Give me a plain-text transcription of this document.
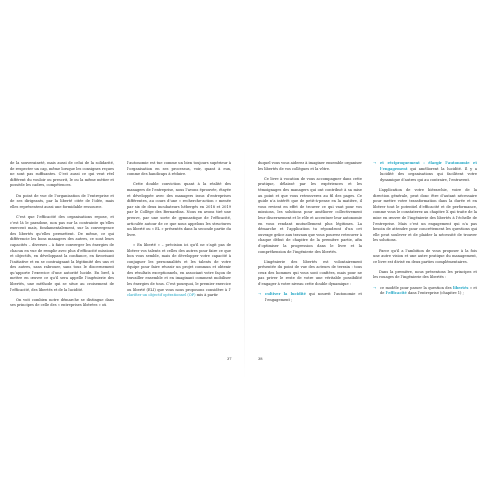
de la souveraineté, mais aussi de celui de la solidarité, de respecter un cap, même lorsque les consignes reçues ne sont pas suffisantes. C’est aussi ce qui veut réel différent du vouloir ou prescrit, le ou la même métier et possède les cadres, compétences.

Du point de vue de l’organisation de l’entreprise et de ses dirigeants, par la liberté citée de l’idée, mais elles représentent aussi une formidable ressource.

C’est que l’efficacité des organisations repose, et c’est là le paradoxe, non pas sur la contrainte qu’elles exercent mais, fondamentalement, sur la convergence des libertés qu’elles permettent. De même, ce qui différencie les bons managers des autres, ce sont leurs capacités – diverses – à faire converger les énergies de chacun en vue de remplir avec plus d’efficacité missions et objectifs, en développant la confiance, en favorisant l’initiative et en se contraignant la légitimité des uns et des autres, sans rabrouer, sans tous le discernement qu’apporte l’exercice d’une autorité lucide. En bref, à mettre en œuvre ce qu’il sera appelle l’ingénierie des libertés, une méthode qui se situe au croisement de l’efficacité, des libertés et de la lucidité.

On voit combien notre démarche se distingue dans ses principes de celle des « entreprises libérées » où

l’autonomie est tue comme un bien toujours supérieur à l’organisation en ses processus, voir, quant à eux, comme des handicaps à réduire.

Cette double conviction quant à la réalité des managers de l’entreprise, nous l’avons éprouvée, étayée et développée avec des managers issus d’entreprises différentes, au cours d’une « recherche-action » menée par six de deux incubateurs hébergés en 2018 et 2019 par le Collège des Bernardins. Nous en avons tiré une preuve, par une sorte de gymnastique de l’efficacité, articulée autour de ce que nous appelons les structures un liberté ou « EL » présentés dans la seconde partie du livre.

« En liberté » – précision ici qu’il ne s’agit pas de libérer vos talents et celles des autres pour faire ce que bon vous semble, mais de développer votre capacité à conjuguer les personnalités et les talents de votre équipe pour faire réussir un projet commun et obtenir des résultats exceptionnels, en associant votre façon de travailler ensemble et en imaginant comment mobiliser les énergies de tous. C’est pourquoi, le premier exercice ou liberté (ELI) que vous nous proposons considère à l’ clarifier un objectif opérationnel (OP) mis à partir

37

duquel vous vous aiderez à imaginer ensemble organiser les libertés de vos collègues et la vôtre.

Ce livre à vocation de vous accompagner dans cette pratique, délaissé par les expériences et les témoignages des managers qui ont contribué à sa mise au point et que vous retrouverez au fil des pages. Ce guide n’a intérêt que de petit-à-pense en la matière, il vous revient en effet de trouver ce qui vaut pour vos missions, les solutions pour améliorer collectivement leur discernement et le rôle et accentuer leur autonomie en vous rendant mutuellement plus légitimes. La démarche et l’application tu répondront d’un cet ouvrage grâce aux travaux que vous pourrez retrouver à chaque début de chapitre de la première partie, afin d’optimiser la progression dans le livre et la compréhension de l’ingénierie des libertés.

L’ingénierie des libertés est volontairement présentée du point de vue des acteurs de terrain : tous ceux des hommes qui vous sont confiées, mais pour ne pas priver le reste de votre une véritable possibilité d’engager à votre niveau cette double dynamique :

→ cultiver la lucidité qui nourrit l’autonomie et l’engagement ;
→ et réciproquement : élargir l’autonomie et l’engagement qui améliorent la lucidité. Il y a lucidité des organisations qui facilitent votre dynamique d’autres qui au contraire, l’entravent.

L’application de votre hiérarchie, voire de la direction générale, peut donc être d’autant nécessaire pour mettre votre transformation dans la durée et en libérer tout le potentiel d’efficacité et de performance, comme vous le constaterez au chapitre X qui traite de la mise en œuvre de l’ingénierie des libertés à l’échelle de l’entreprise. Mais c’est un engagement qui n’a pas besoin de attendre pour concrètement les questions qui elle peut soulever et de plaider la nécessité de trouver les solutions.

Parce qu’il a l’ambition de vous proposer à la fois une autre vision et une autre pratique du management, ce livre est divisé en deux parties complémentaires.

Dans la première, nous présentons les principes et les rouages de l’ingénierie des libertés :

→ ce modèle pour passer la question des libertés » et de l’efficacité dans l’entreprise (chapitre 1) ;
38
